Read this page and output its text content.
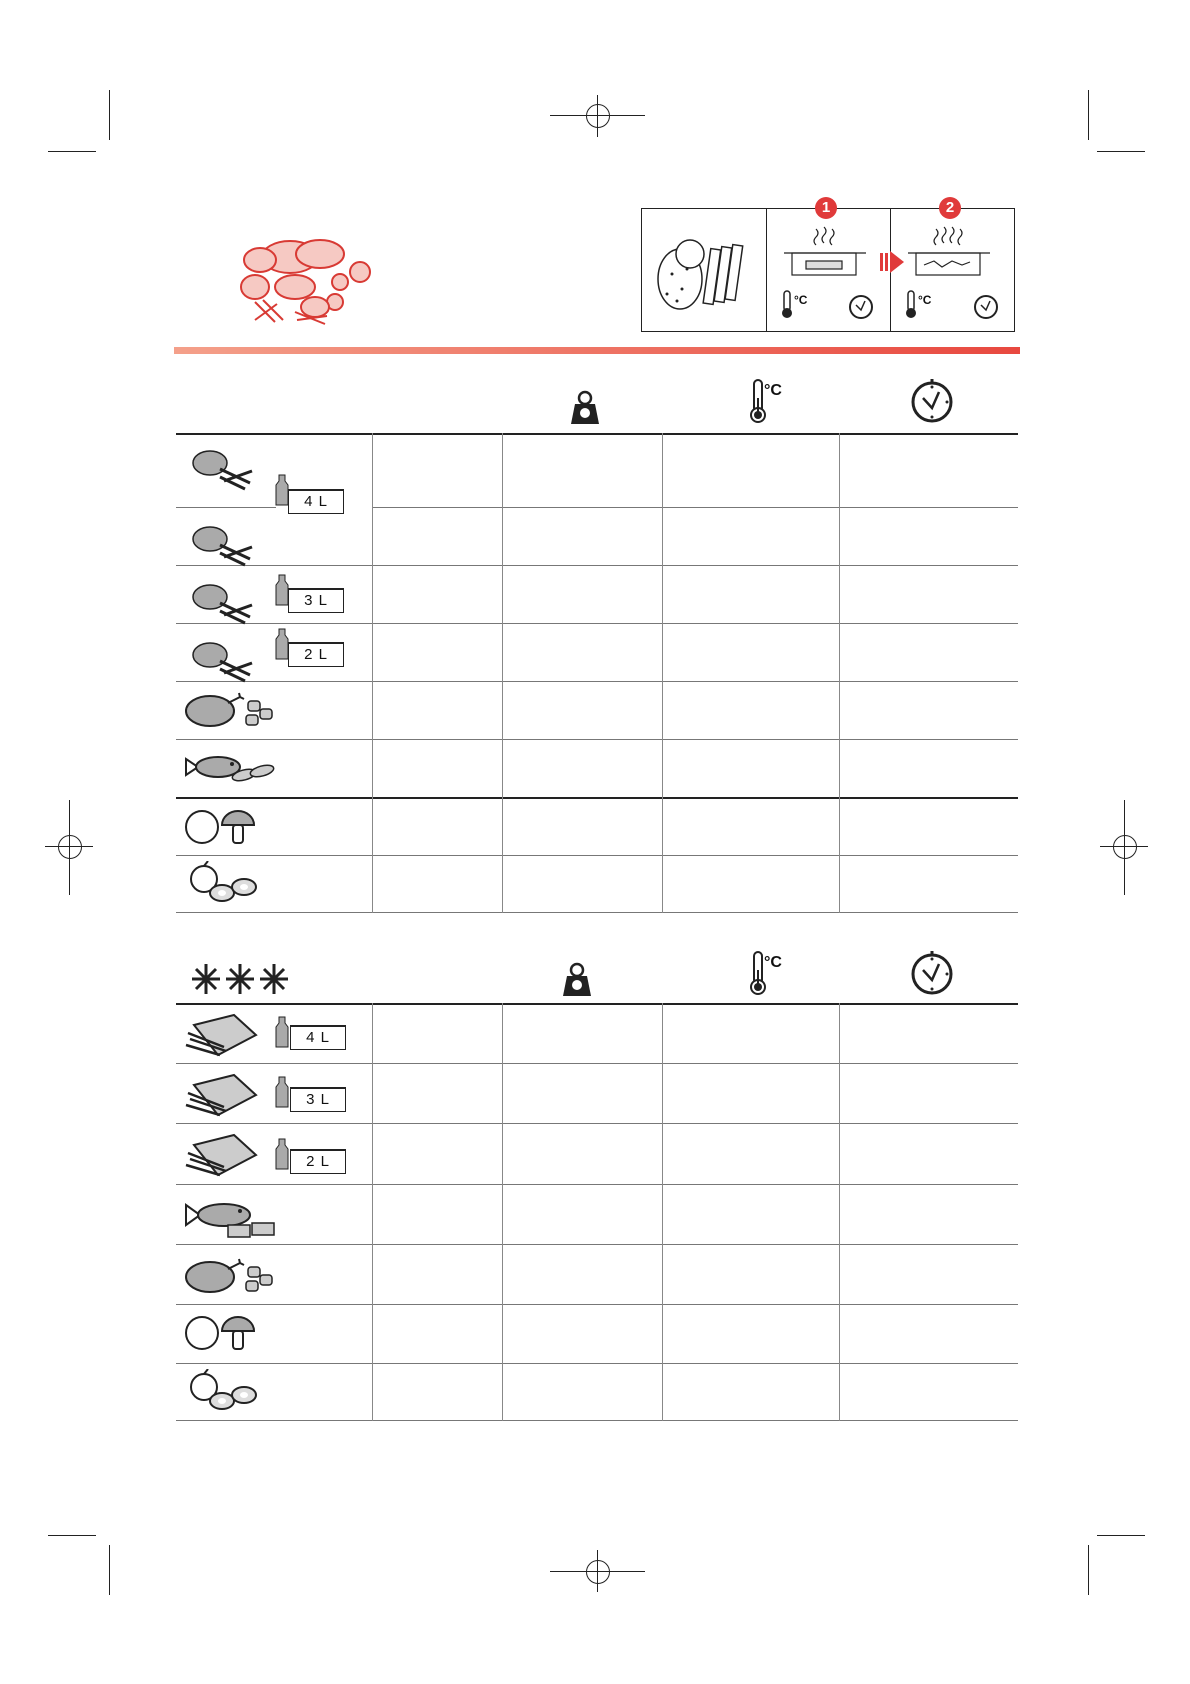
1
°C
2
°C
°C
4 L
3 L
2 L
°C
4 L
3 L
2 L
